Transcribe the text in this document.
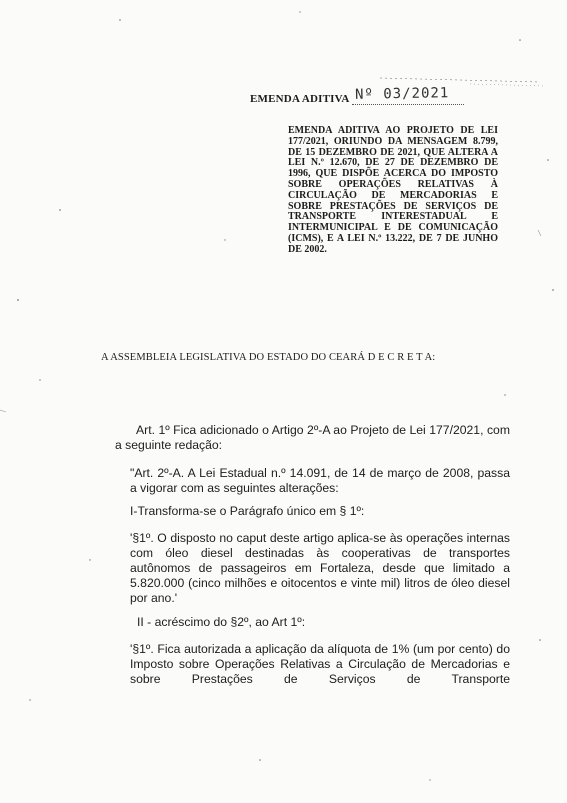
EMENDA ADITIVA Nº 03/2021
EMENDA ADITIVA AO PROJETO DE LEI 177/2021, ORIUNDO DA MENSAGEM 8.799, DE 15 DEZEMBRO DE 2021, QUE ALTERA A LEI N.º 12.670, DE 27 DE DEZEMBRO DE 1996, QUE DISPÕE ACERCA DO IMPOSTO SOBRE OPERAÇÕES RELATIVAS À CIRCULAÇÃO DE MERCADORIAS E SOBRE PRESTAÇÕES DE SERVIÇOS DE TRANSPORTE INTERESTADUAL E INTERMUNICIPAL E DE COMUNICAÇÃO (ICMS), E A LEI N.º 13.222, DE 7 DE JUNHO DE 2002.
A ASSEMBLEIA LEGISLATIVA DO ESTADO DO CEARÁ D E C R E T A:
Art. 1º Fica adicionado o Artigo 2º-A ao Projeto de Lei 177/2021, com a seguinte redação:
"Art. 2º-A. A Lei Estadual n.º 14.091, de 14 de março de 2008, passa a vigorar com as seguintes alterações:
I-Transforma-se o Parágrafo único em § 1º:
'§1º. O disposto no caput deste artigo aplica-se às operações internas com óleo diesel destinadas às cooperativas de transportes autônomos de passageiros em Fortaleza, desde que limitado a 5.820.000 (cinco milhões e oitocentos e vinte mil) litros de óleo diesel por ano.'
II - acréscimo do §2º, ao Art 1º:
'§1º. Fica autorizada a aplicação da alíquota de 1% (um por cento) do Imposto sobre Operações Relativas a Circulação de Mercadorias e sobre Prestações de Serviços de Transporte
